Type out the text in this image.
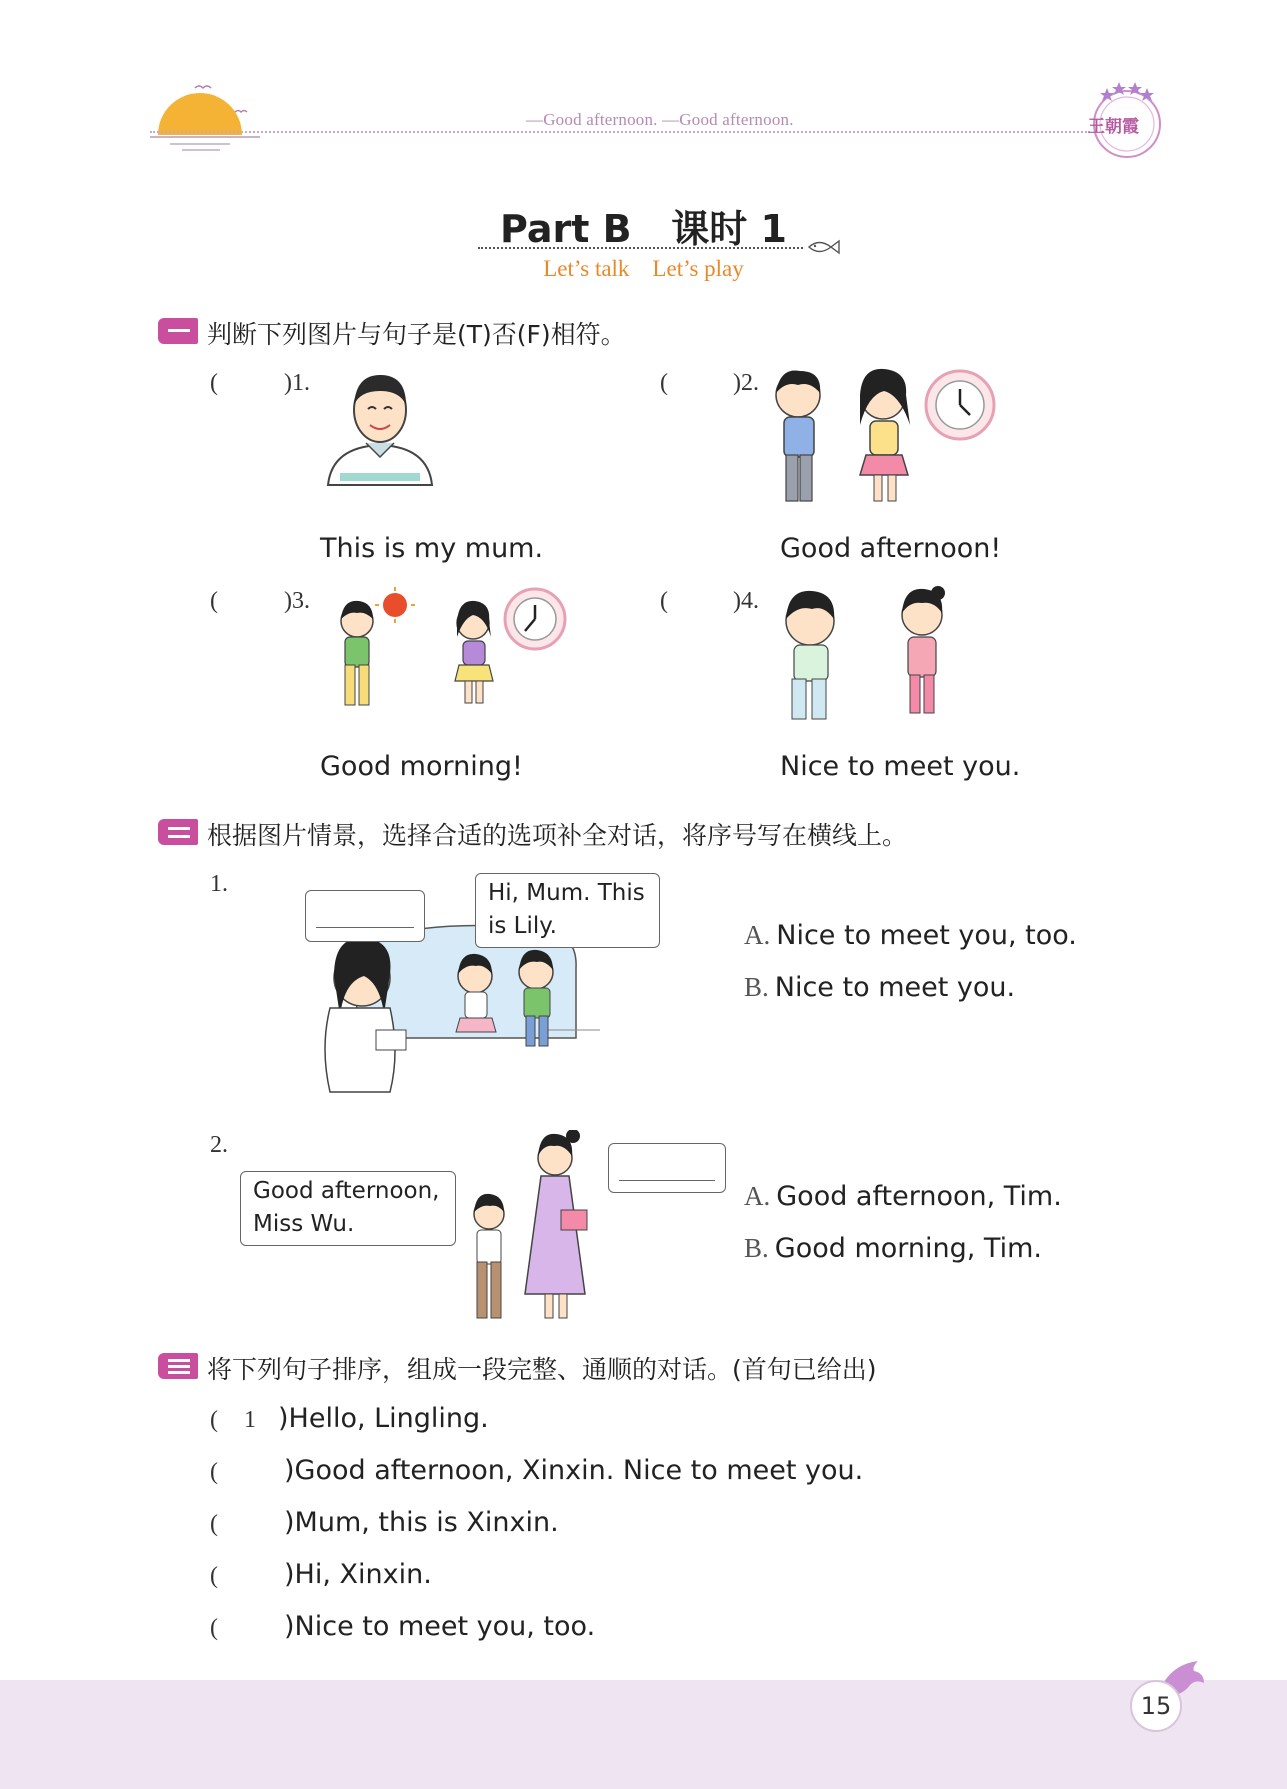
—Good afternoon. —Good afternoon.	王朝霞
Part B   课时 1
Let’s talk    Let’s play
判断下列图片与句子是(T)否(F)相符。
(	)1.
This is my mum.
(	)2.
Good afternoon!
(	)3.
Good morning!
(	)4.
Nice to meet you.
根据图片情景，选择合适的选项补全对话，将序号写在横线上。
1.	Hi, Mum. This
is Lily.	A. Nice to meet you, too.
B. Nice to meet you.
2.
Good afternoon,
Miss Wu.
A. Good afternoon, Tim.
B. Good morning, Tim.
将下列句子排序，组成一段完整、通顺的对话。(首句已给出)
( 1 )Hello, Lingling.
( )Good afternoon, Xinxin. Nice to meet you.
( )Mum, this is Xinxin.
( )Hi, Xinxin.
( )Nice to meet you, too.
15
